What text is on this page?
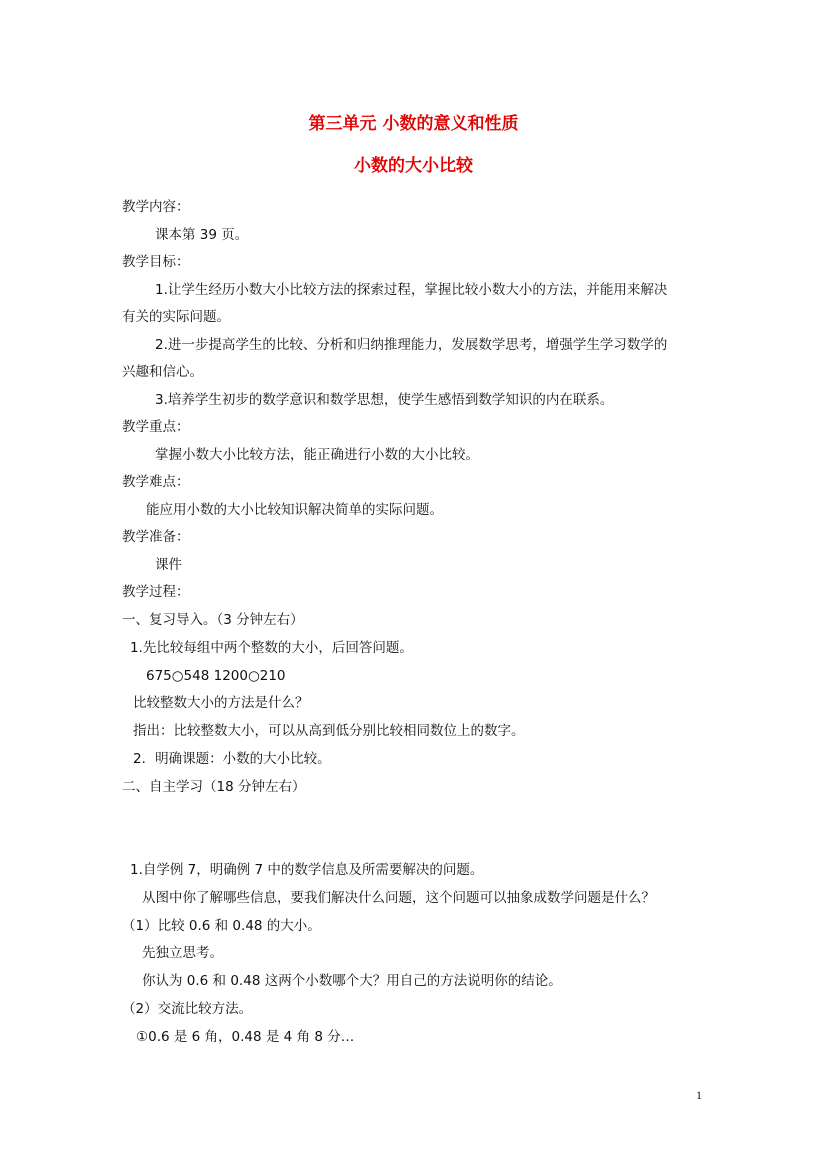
第三单元 小数的意义和性质
小数的大小比较
教学内容：
课本第 39 页。
教学目标：
1.让学生经历小数大小比较方法的探索过程，掌握比较小数大小的方法，并能用来解决
有关的实际问题。
2.进一步提高学生的比较、分析和归纳推理能力，发展数学思考，增强学生学习数学的
兴趣和信心。
3.培养学生初步的数学意识和数学思想，使学生感悟到数学知识的内在联系。
教学重点：
掌握小数大小比较方法，能正确进行小数的大小比较。
教学难点：
能应用小数的大小比较知识解决简单的实际问题。
教学准备：
课件
教学过程：
一、复习导入。（3 分钟左右）
1.先比较每组中两个整数的大小，后回答问题。
675○548 1200○210
比较整数大小的方法是什么？
指出：比较整数大小，可以从高到低分别比较相同数位上的数字。
2．明确课题：小数的大小比较。
二、自主学习（18 分钟左右）
1.自学例 7，明确例 7 中的数学信息及所需要解决的问题。
从图中你了解哪些信息，要我们解决什么问题，这个问题可以抽象成数学问题是什么？
（1）比较 0.6 和 0.48 的大小。
先独立思考。
你认为 0.6 和 0.48 这两个小数哪个大？用自己的方法说明你的结论。
（2）交流比较方法。
①0.6 是 6 角，0.48 是 4 角 8 分…
1
